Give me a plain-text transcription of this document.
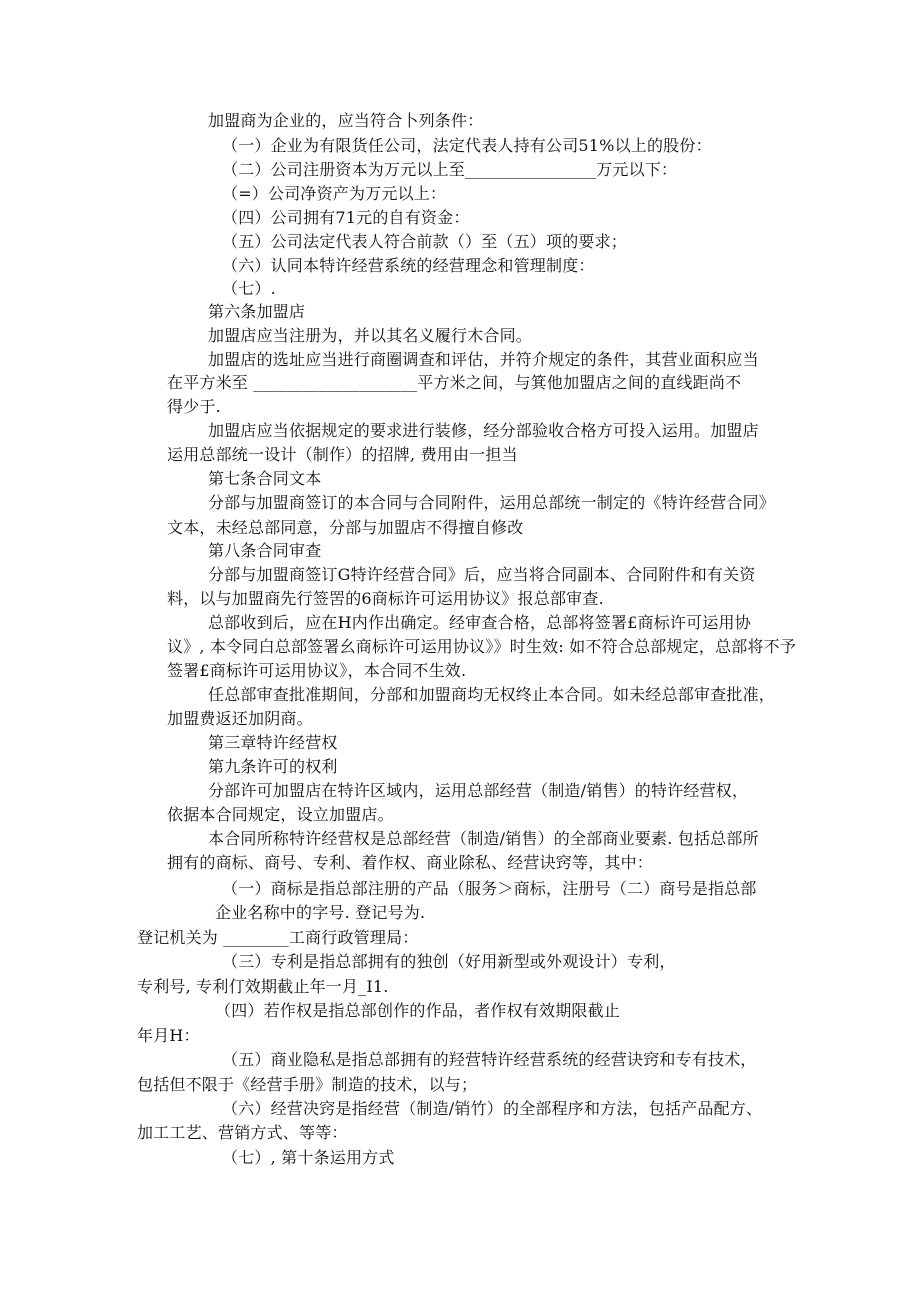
加盟商为企业的，应当符合卜列条件：
（一）企业为有限货任公司，法定代表人持有公司51%以上的股份：
（二）公司注册资本为万元以上至________________万元以下：
（=）公司净资产为万元以上：
（四）公司拥有71元的自有资金：
（五）公司法定代表人符合前款（）至（五）项的要求；
（六）认同本特许经营系统的经营理念和管理制度：
（七）.
第六条加盟店
加盟店应当注册为，并以其名义履行木合同。
加盟店的选址应当进行商圈调查和评估，并符介规定的条件，其营业面积应当
在平方米至 ____________________平方米之间，与箕他加盟店之间的直线距尚不
得少于.
加盟店应当依据规定的要求进行装修，经分部验收合格方可投入运用。加盟店
运用总部统一设计（制作）的招牌, 费用由一担当
第七条合同文本
分部与加盟商签订的本合同与合同附件，运用总部统一制定的《特许经营合同》
文本，未经总部同意，分部与加盟店不得擅自修改
第八条合同审查
分部与加盟商签订G特许经营合同》后，应当将合同副本、合同附件和有关资
料，以与加盟商先行签罟的6商标许可运用协议》报总部审查.
总部收到后，应在H内作出确定。经审查合格，总部将签署£商标许可运用协
议》, 本令同白总部签署幺商标许可运用协议》》时生效: 如不符合总部规定，总部将不予
签署£商标许可运用协议》，本合同不生效.
任总部审查批准期间，分部和加盟商均无权终止本合同。如未经总部审查批准，
加盟费返还加阴商。
第三章特许经营权
第九条许可的权利
分部许可加盟店在特许区域内，运用总部经营（制造/销售）的特许经营权，
依据本合同规定，设立加盟店。
本合同所称特许经营权是总部经营（制造/销售）的全部商业要素. 包括总部所
拥有的商标、商号、专利、着作权、商业除私、经营诀窍等，其中：
（一）商标是指总部注册的产品（服务＞商标，注册号（二）商号是指总部
企业名称中的字号. 登记号为.
登记机关为 ________工商行政管理局：
（三）专利是指总部拥有的独创（好用新型或外观设计）专利，
专利号, 专利仃效期截止年一月_I1.
（四）若作权是指总部创作的作品，者作权有效期限截止
年月H：
（五）商业隐私是指总部拥有的羟营特许经营系统的经营诀窍和专有技术，
包括但不限于《经营手册》制造的技术，以与；
（六）经营决窍是指经营（制造/销竹）的全部程序和方法，包括产品配方、
加工工艺、营销方式、等等：
（七）, 第十条运用方式
